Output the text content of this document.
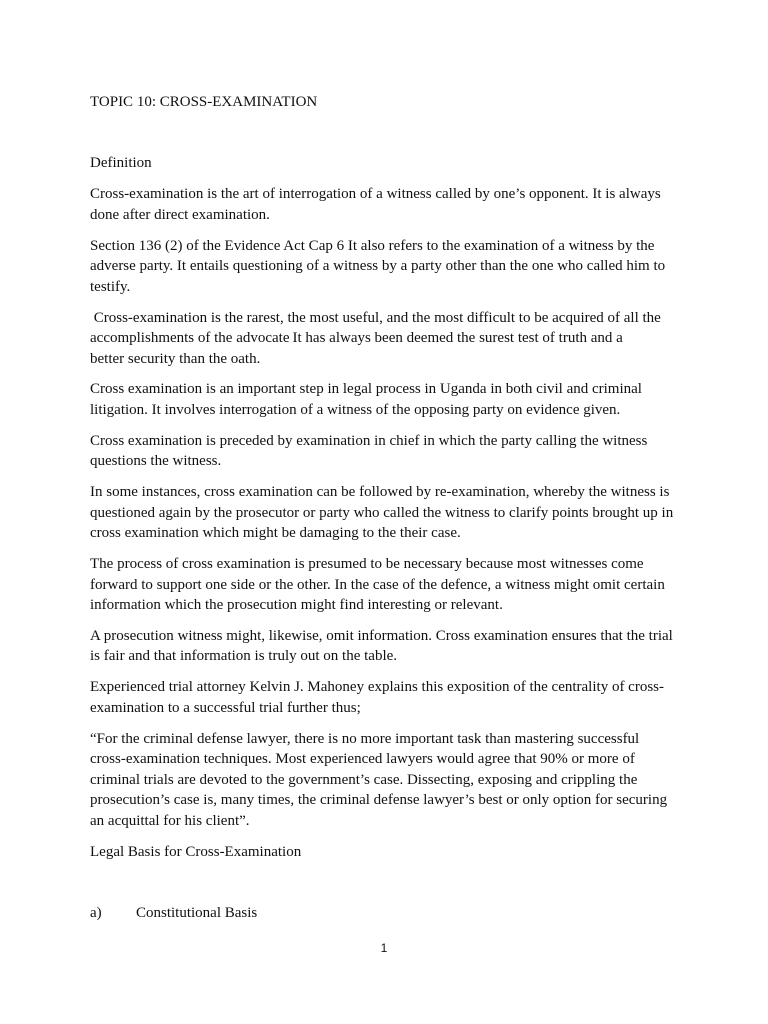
TOPIC 10: CROSS-EXAMINATION
Definition
Cross-examination is the art of interrogation of a witness called by one’s opponent. It is always
done after direct examination.
Section 136 (2) of the Evidence Act Cap 6 It also refers to the examination of a witness by the
adverse party. It entails questioning of a witness by a party other than the one who called him to
testify.
Cross-examination is the rarest, the most useful, and the most difficult to be acquired of all the
accomplishments of the advocate	It has always been deemed the surest test of truth and a
better security than the oath.
Cross examination is an important step in legal process in Uganda in both civil and criminal
litigation. It involves interrogation of a witness of the opposing party on evidence given.
Cross examination is preceded by examination in chief in which the party calling the witness
questions the witness.
In some instances, cross examination can be followed by re-examination, whereby the witness is
questioned again by the prosecutor or party who called the witness to clarify points brought up in
cross examination which might be damaging to the their case.
The process of cross examination is presumed to be necessary because most witnesses come
forward to support one side or the other. In the case of the defence, a witness might omit certain
information which the prosecution might find interesting or relevant.
A prosecution witness might, likewise, omit information. Cross examination ensures that the trial
is fair and that information is truly out on the table.
Experienced trial attorney Kelvin J. Mahoney explains this exposition of the centrality of cross-
examination to a successful trial further thus;
“For the criminal defense lawyer, there is no more important task than mastering successful
cross-examination techniques. Most experienced lawyers would agree that 90% or more of
criminal trials are devoted to the government’s case. Dissecting, exposing and crippling the
prosecution’s case is, many times, the criminal defense lawyer’s best or only option for securing
an acquittal for his client”.
Legal Basis for Cross-Examination
a) Constitutional Basis
1
